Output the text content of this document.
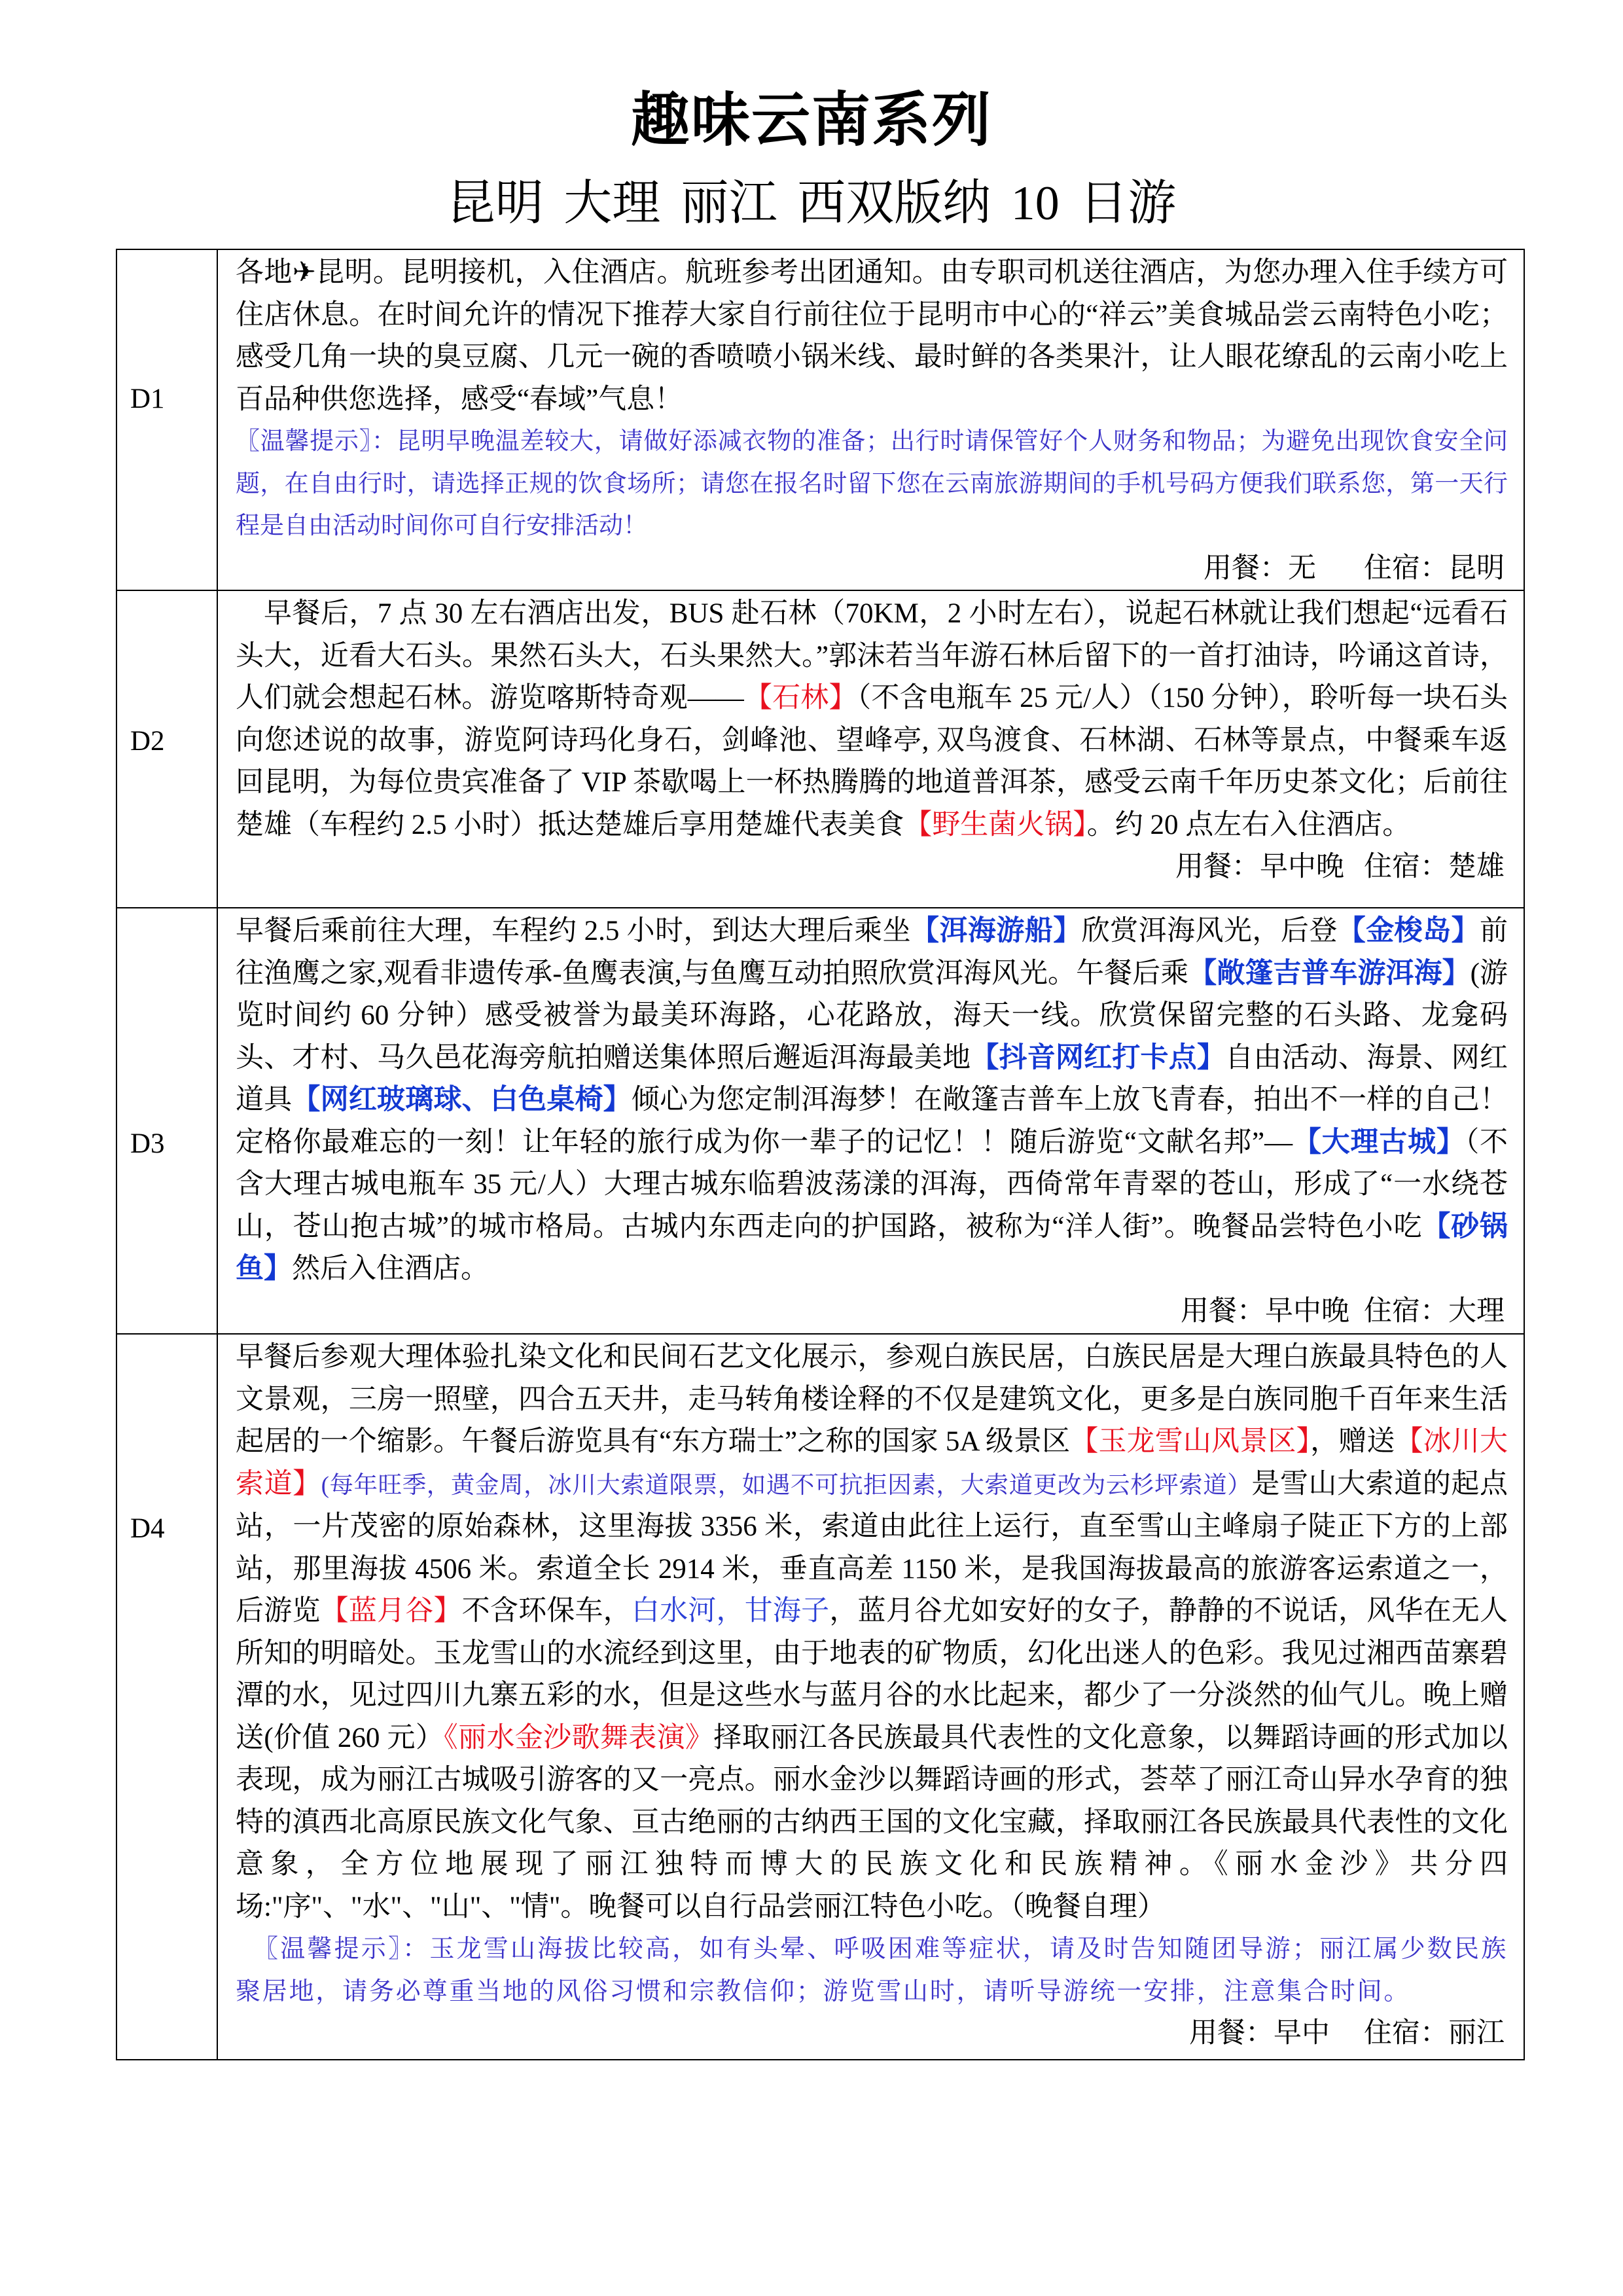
趣味云南系列
昆明 大理 丽江 西双版纳 10 日游
D1	各地✈昆明。昆明接机，入住酒店。航班参考出团通知。由专职司机送往酒店，为您办理入住手续方可住店休息。在时间允许的情况下推荐大家自行前往位于昆明市中心的“祥云”美食城品尝云南特色小吃；感受几角一块的臭豆腐、几元一碗的香喷喷小锅米线、最时鲜的各类果汁，让人眼花缭乱的云南小吃上百品种供您选择，感受“春域”气息！

〖温馨提示〗：昆明早晚温差较大，请做好添减衣物的准备；出行时请保管好个人财务和物品；为避免出现饮食安全问题，在自由行时，请选择正规的饮食场所；请您在报名时留下您在云南旅游期间的手机号码方便我们联系您，第一天行程是自由活动时间你可自行安排活动！

用餐：无 住宿：昆明

D2	早餐后，7 点 30 左右酒店出发，BUS 赴石林（70KM，2 小时左右），说起石林就让我们想起“远看石头大，近看大石头。果然石头大，石头果然大。”郭沫若当年游石林后留下的一首打油诗，吟诵这首诗，人们就会想起石林。游览喀斯特奇观——【石林】（不含电瓶车 25 元/人）（150 分钟），聆听每一块石头向您述说的故事，游览阿诗玛化身石，剑峰池、望峰亭, 双鸟渡食、石林湖、石林等景点，中餐乘车返回昆明，为每位贵宾准备了 VIP 茶歇喝上一杯热腾腾的地道普洱茶，感受云南千年历史茶文化；后前往楚雄（车程约 2.5 小时）抵达楚雄后享用楚雄代表美食【野生菌火锅】。约 20 点左右入住酒店。

用餐：早中晚 住宿：楚雄

D3	早餐后乘前往大理，车程约 2.5 小时，到达大理后乘坐【洱海游船】欣赏洱海风光，后登【金梭岛】前往渔鹰之家,观看非遗传承-鱼鹰表演,与鱼鹰互动拍照欣赏洱海风光。午餐后乘【敞篷吉普车游洱海】(游览时间约 60 分钟）感受被誉为最美环海路，心花路放，海天一线。欣赏保留完整的石头路、龙龛码头、才村、马久邑花海旁航拍赠送集体照后邂逅洱海最美地【抖音网红打卡点】自由活动、海景、网红道具【网红玻璃球、白色桌椅】倾心为您定制洱海梦！在敞篷吉普车上放飞青春，拍出不一样的自己！定格你最难忘的一刻！让年轻的旅行成为你一辈子的记忆！！随后游览“文献名邦”—【大理古城】（不含大理古城电瓶车 35 元/人）大理古城东临碧波荡漾的洱海，西倚常年青翠的苍山，形成了“一水绕苍山，苍山抱古城”的城市格局。古城内东西走向的护国路，被称为“洋人街”。晚餐品尝特色小吃【砂锅鱼】然后入住酒店。

用餐：早中晚 住宿：大理

D4	早餐后参观大理体验扎染文化和民间石艺文化展示，参观白族民居，白族民居是大理白族最具特色的人文景观，三房一照壁，四合五天井，走马转角楼诠释的不仅是建筑文化，更多是白族同胞千百年来生活起居的一个缩影。午餐后游览具有“东方瑞士”之称的国家 5A 级景区【玉龙雪山风景区】，赠送【冰川大索道】(每年旺季，黄金周，冰川大索道限票，如遇不可抗拒因素，大索道更改为云杉坪索道）是雪山大索道的起点站，一片茂密的原始森林，这里海拔 3356 米，索道由此往上运行，直至雪山主峰扇子陡正下方的上部站，那里海拔 4506 米。索道全长 2914 米，垂直高差 1150 米，是我国海拔最高的旅游客运索道之一，后游览【蓝月谷】不含环保车，白水河，甘海子，蓝月谷尤如安好的女子，静静的不说话，风华在无人所知的明暗处。玉龙雪山的水流经到这里，由于地表的矿物质，幻化出迷人的色彩。我见过湘西苗寨碧潭的水，见过四川九寨五彩的水，但是这些水与蓝月谷的水比起来，都少了一分淡然的仙气儿。晚上赠送(价值 260 元）《丽水金沙歌舞表演》择取丽江各民族最具代表性的文化意象，以舞蹈诗画的形式加以表现，成为丽江古城吸引游客的又一亮点。丽水金沙以舞蹈诗画的形式，荟萃了丽江奇山异水孕育的独特的滇西北高原民族文化气象、亘古绝丽的古纳西王国的文化宝藏，择取丽江各民族最具代表性的文化意象，全方位地展现了丽江独特而博大的民族文化和民族精神。《丽水金沙》共分四场:"序"、"水"、"山"、"情"。晚餐可以自行品尝丽江特色小吃。（晚餐自理）

〖温馨提示〗：玉龙雪山海拔比较高，如有头晕、呼吸困难等症状，请及时告知随团导游；丽江属少数民族聚居地，请务必尊重当地的风俗习惯和宗教信仰；游览雪山时，请听导游统一安排，注意集合时间。

用餐：早中 住宿：丽江
